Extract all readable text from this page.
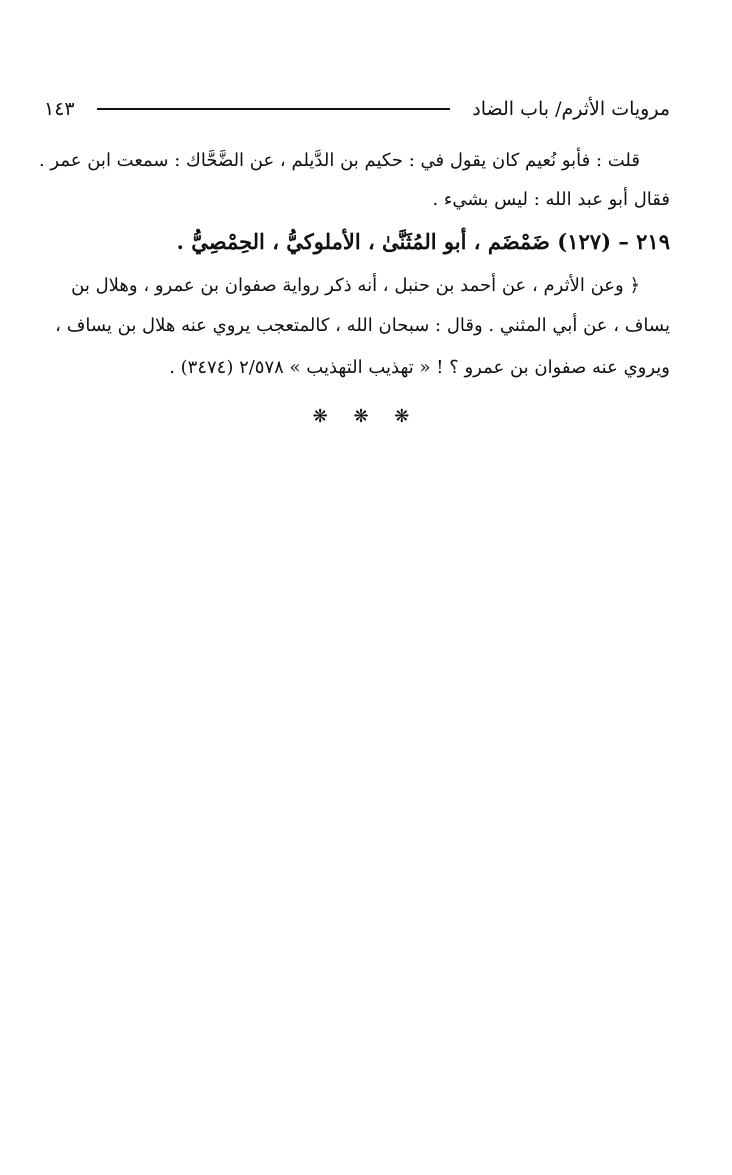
مرويات الأثرم/ باب الضاد
١٤٣
قلت : فأبو نُعيم كان يقول في : حكيم بن الدَّيلم ، عن الضَّحَّاك : سمعت ابن عمر .
فقال أبو عبد الله : ليس بشيء .
٢١٩ – (١٢٧) ضَمْضَم ، أبو المُثَنَّىٰ ، الأملوكيُّ ، الحِمْصِيُّ .
﴿ وعن الأثرم ، عن أحمد بن حنبل ، أنه ذكر رواية صفوان بن عمرو ، وهلال بن
يساف ، عن أبي المثني . وقال : سبحان الله ، كالمتعجب يروي عنه هلال بن يساف ،
ويروي عنه صفوان بن عمرو ؟ ! « تهذيب التهذيب » ٢/٥٧٨ (٣٤٧٤) .
❋ ❋ ❋
